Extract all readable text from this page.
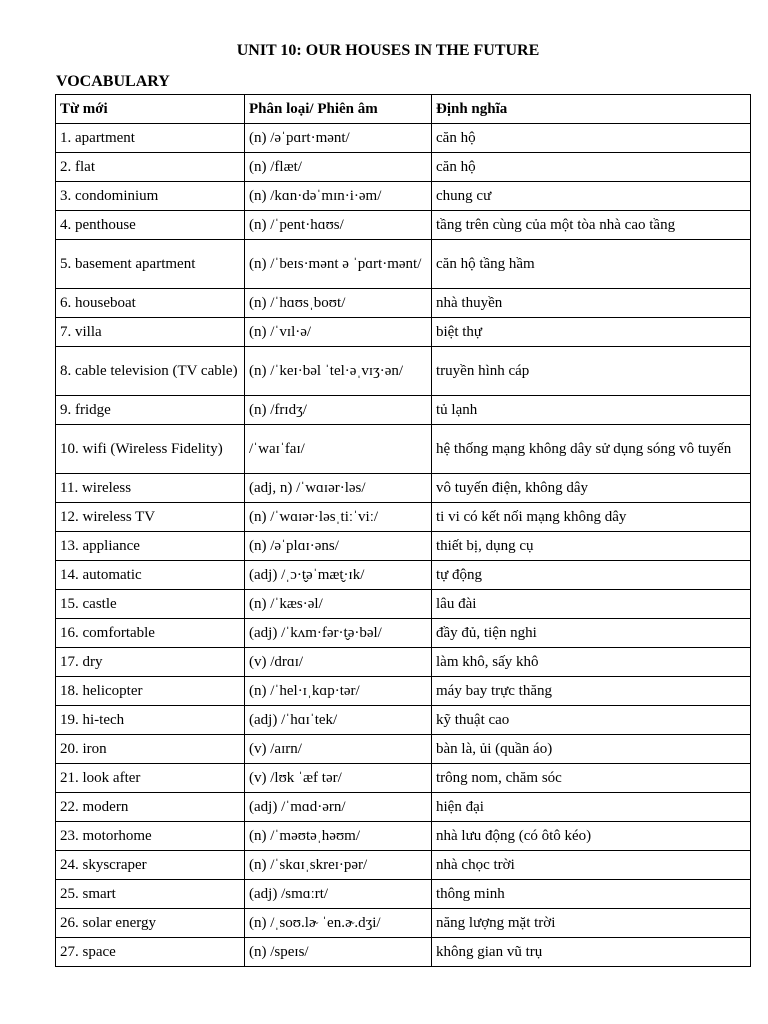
UNIT 10: OUR HOUSES IN THE FUTURE
VOCABULARY
Từ mới	Phân loại/ Phiên âm	Định nghĩa
1. apartment	(n) /əˈpɑrt·mənt/	căn hộ
2. flat	(n) /flæt/	căn hộ
3. condominium	(n) /kɑn·dəˈmɪn·i·əm/	chung cư
4. penthouse	(n) /ˈpent·hɑʊs/	tầng trên cùng của một tòa nhà cao tầng
5. basement apartment	(n) /ˈbeɪs·mənt ə ˈpɑrt·mənt/	căn hộ tầng hầm
6. houseboat	(n) /ˈhɑʊsˌboʊt/	nhà thuyền
7. villa	(n) /ˈvɪl·ə/	biệt thự
8. cable television (TV cable)	(n) /ˈkeɪ·bəl ˈtel·əˌvɪʒ·ən/	truyền hình cáp
9. fridge	(n) /frɪdʒ/	tủ lạnh
10. wifi (Wireless Fidelity)	/ˈwaɪˈfaɪ/	hệ thống mạng không dây sử dụng sóng vô tuyến
11. wireless	(adj, n) /ˈwɑɪər·ləs/	vô tuyến điện, không dây
12. wireless TV	(n) /ˈwɑɪər·ləsˌtiːˈviː/	ti vi có kết nối mạng không dây
13. appliance	(n) /əˈplɑɪ·əns/	thiết bị, dụng cụ
14. automatic	(adj) /ˌɔ·t̬əˈmæt̬·ɪk/	tự động
15. castle	(n) /ˈkæs·əl/	lâu đài
16. comfortable	(adj) /ˈkʌm·fər·t̬ə·bəl/	đầy đủ, tiện nghi
17. dry	(v) /drɑɪ/	làm khô, sấy khô
18. helicopter	(n) /ˈhel·ɪˌkɑp·tər/	máy bay trực thăng
19. hi-tech	(adj) /ˈhɑɪˈtek/	kỹ thuật cao
20. iron	(v) /aɪrn/	bàn là, ủi (quần áo)
21. look after	(v) /lʊk ˈæf tər/	trông nom, chăm sóc
22. modern	(adj) /ˈmɑd·ərn/	hiện đại
23. motorhome	(n) /ˈməʊtəˌhəʊm/	nhà lưu động (có ôtô kéo)
24. skyscraper	(n) /ˈskɑɪˌskreɪ·pər/	nhà chọc trời
25. smart	(adj) /smɑːrt/	thông minh
26. solar energy	(n) /ˌsoʊ.lɚ ˈen.ɚ.dʒi/	năng lượng mặt trời
27. space	(n) /speɪs/	không gian vũ trụ
